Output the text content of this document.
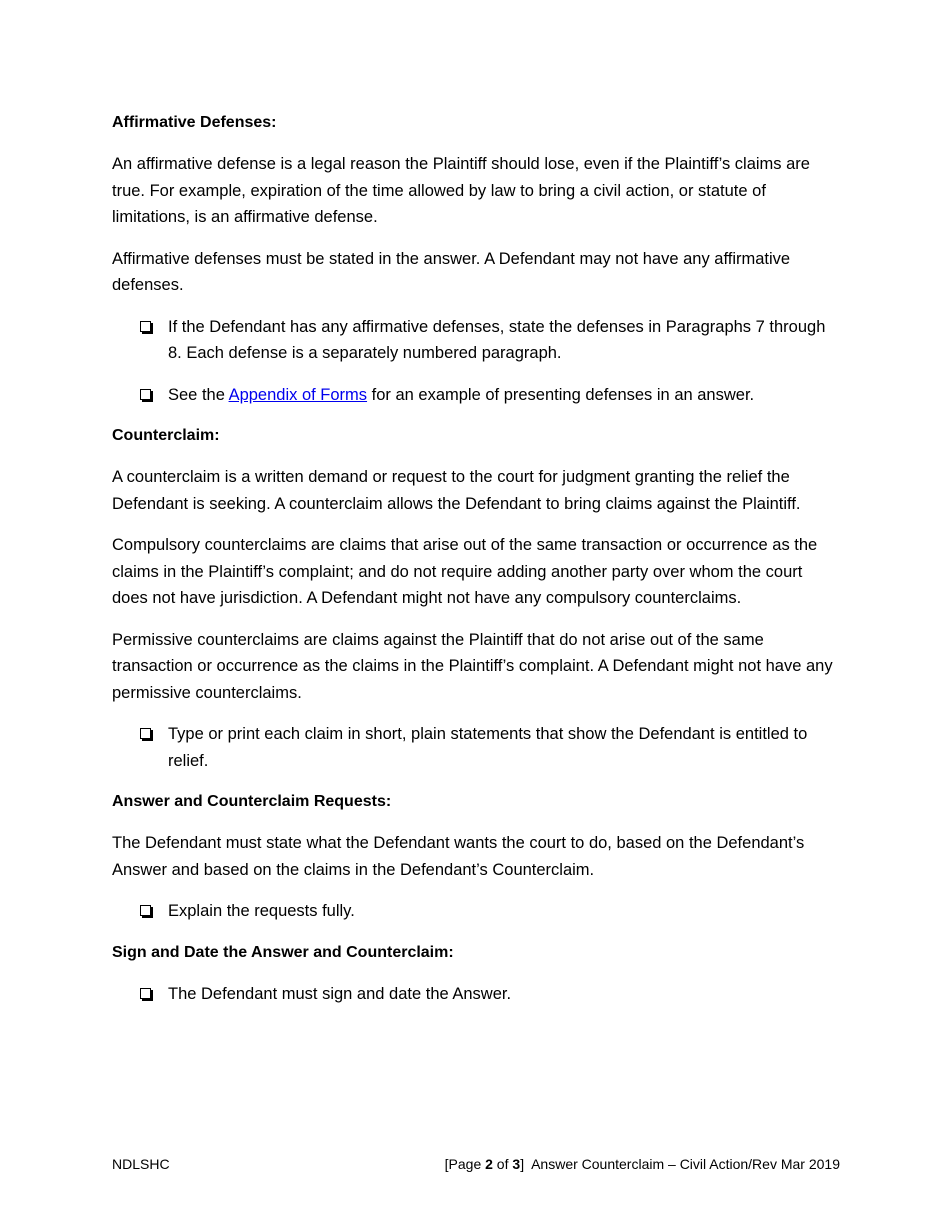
Affirmative Defenses:
An affirmative defense is a legal reason the Plaintiff should lose, even if the Plaintiff’s claims are true. For example, expiration of the time allowed by law to bring a civil action, or statute of limitations, is an affirmative defense.
Affirmative defenses must be stated in the answer. A Defendant may not have any affirmative defenses.
If the Defendant has any affirmative defenses, state the defenses in Paragraphs 7 through 8. Each defense is a separately numbered paragraph.
See the Appendix of Forms for an example of presenting defenses in an answer.
Counterclaim:
A counterclaim is a written demand or request to the court for judgment granting the relief the Defendant is seeking. A counterclaim allows the Defendant to bring claims against the Plaintiff.
Compulsory counterclaims are claims that arise out of the same transaction or occurrence as the claims in the Plaintiff’s complaint; and do not require adding another party over whom the court does not have jurisdiction. A Defendant might not have any compulsory counterclaims.
Permissive counterclaims are claims against the Plaintiff that do not arise out of the same transaction or occurrence as the claims in the Plaintiff’s complaint. A Defendant might not have any permissive counterclaims.
Type or print each claim in short, plain statements that show the Defendant is entitled to relief.
Answer and Counterclaim Requests:
The Defendant must state what the Defendant wants the court to do, based on the Defendant’s Answer and based on the claims in the Defendant’s Counterclaim.
Explain the requests fully.
Sign and Date the Answer and Counterclaim:
The Defendant must sign and date the Answer.
NDLSHC	[Page 2 of 3]  Answer Counterclaim – Civil Action/Rev Mar 2019
